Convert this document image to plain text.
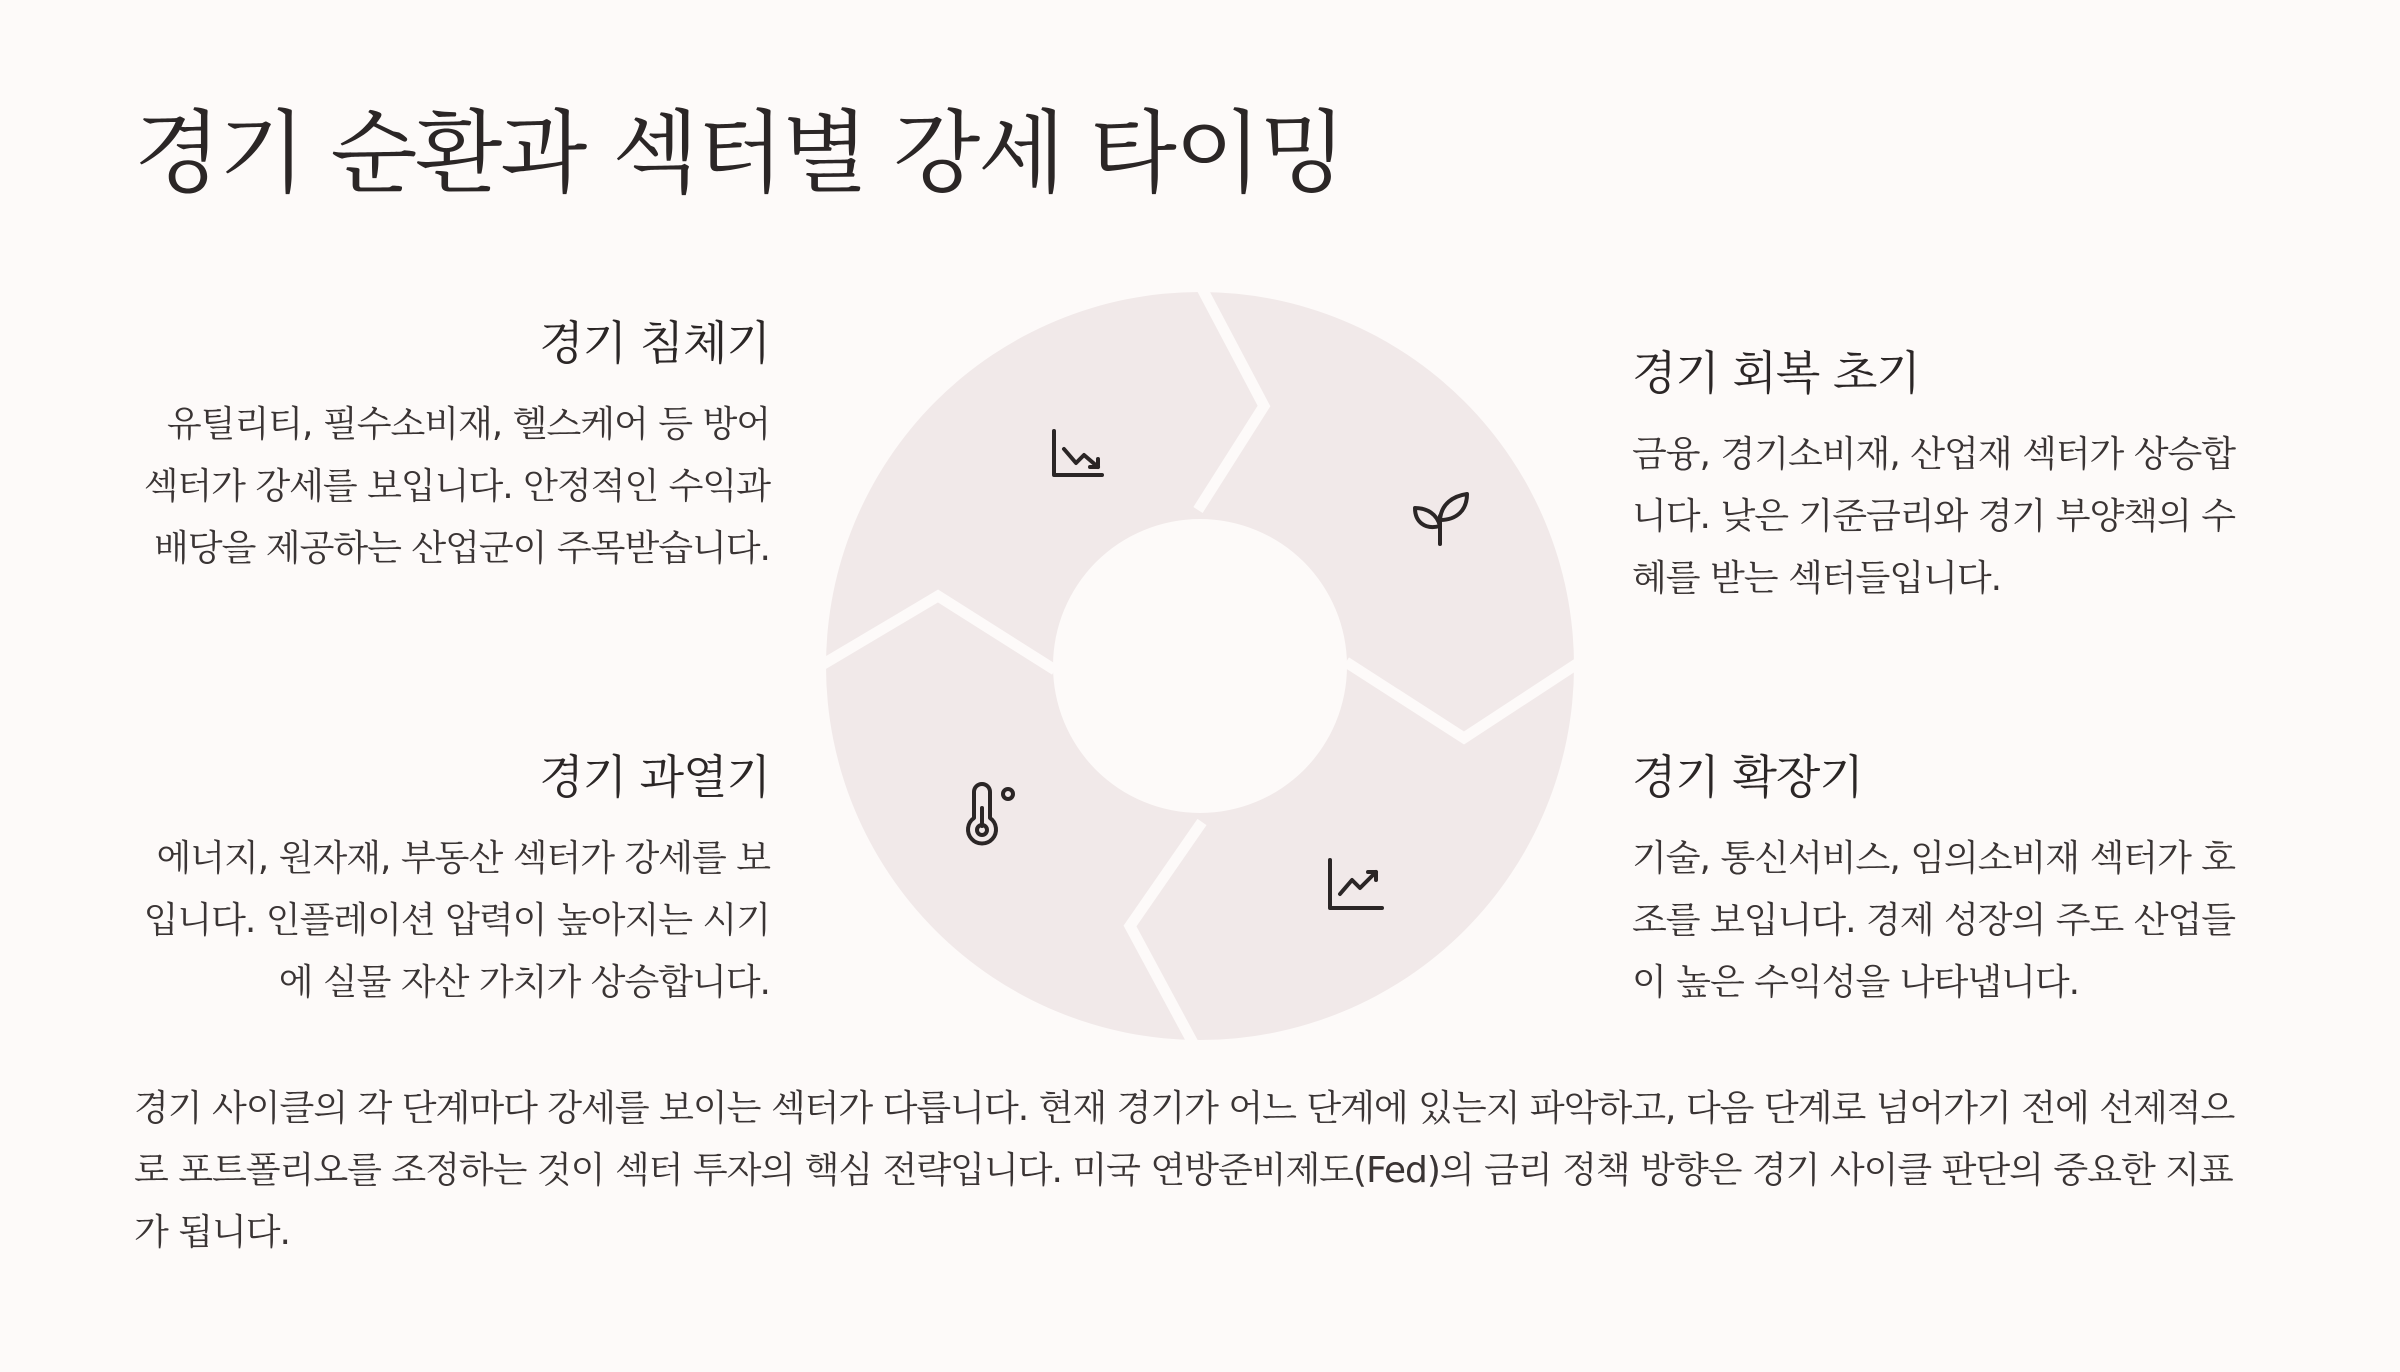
경기 순환과 섹터별 강세 타이밍
경기 침체기

유틸리티, 필수소비재, 헬스케어 등 방어 섹터가 강세를 보입니다. 안정적인 수익과 배당을 제공하는 산업군이 주목받습니다.

경기 회복 초기

금융, 경기소비재, 산업재 섹터가 상승합니다. 낮은 기준금리와 경기 부양책의 수혜를 받는 섹터들입니다.

경기 과열기

에너지, 원자재, 부동산 섹터가 강세를 보입니다. 인플레이션 압력이 높아지는 시기에 실물 자산 가치가 상승합니다.

경기 확장기

기술, 통신서비스, 임의소비재 섹터가 호조를 보입니다. 경제 성장의 주도 산업들이 높은 수익성을 나타냅니다.

경기 사이클의 각 단계마다 강세를 보이는 섹터가 다릅니다. 현재 경기가 어느 단계에 있는지 파악하고, 다음 단계로 넘어가기 전에 선제적으로 포트폴리오를 조정하는 것이 섹터 투자의 핵심 전략입니다. 미국 연방준비제도(Fed)의 금리 정책 방향은 경기 사이클 판단의 중요한 지표가 됩니다.
